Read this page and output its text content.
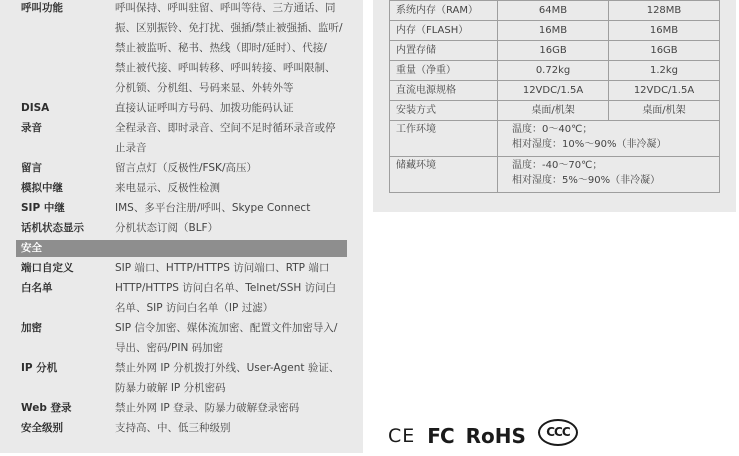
呼叫功能	呼叫保持、呼叫驻留、呼叫等待、三方通话、同
振、区别振铃、免打扰、强插/禁止被强插、监听/
禁止被监听、秘书、热线（即时/延时）、代接/
禁止被代接、呼叫转移、呼叫转接、呼叫限制、
分机锁、分机组、号码来显、外转外等
DISA	直接认证呼叫方号码、加拨功能码认证
录音	全程录音、即时录音、空间不足时循环录音或停
止录音
留言	留言点灯（反极性/FSK/高压）
模拟中继	来电显示、反极性检测
SIP 中继	IMS、多平台注册/呼叫、Skype Connect
话机状态显示	分机状态订阅（BLF）
安全
端口自定义	SIP 端口、HTTP/HTTPS 访问端口、RTP 端口
白名单	HTTP/HTTPS 访问白名单、Telnet/SSH 访问白
名单、SIP 访问白名单（IP 过滤）
加密	SIP 信令加密、媒体流加密、配置文件加密导入/
导出、密码/PIN 码加密
IP 分机	禁止外网 IP 分机拨打外线、User-Agent 验证、
防暴力破解 IP 分机密码
Web 登录	禁止外网 IP 登录、防暴力破解登录密码
安全级别	支持高、中、低三种级别
系统内存（RAM）	64MB	128MB
内存（FLASH）	16MB	16MB
内置存储	16GB	16GB
重量（净重）	0.72kg	1.2kg
直流电源规格	12VDC/1.5A	12VDC/1.5A
安装方式	桌面/机架	桌面/机架
工作环境	温度：0～40℃；
相对湿度：10%～90%（非冷凝）	

储藏环境	温度：-40～70℃；
相对湿度：5%～90%（非冷凝）	
CE FC RoHS	CCC
